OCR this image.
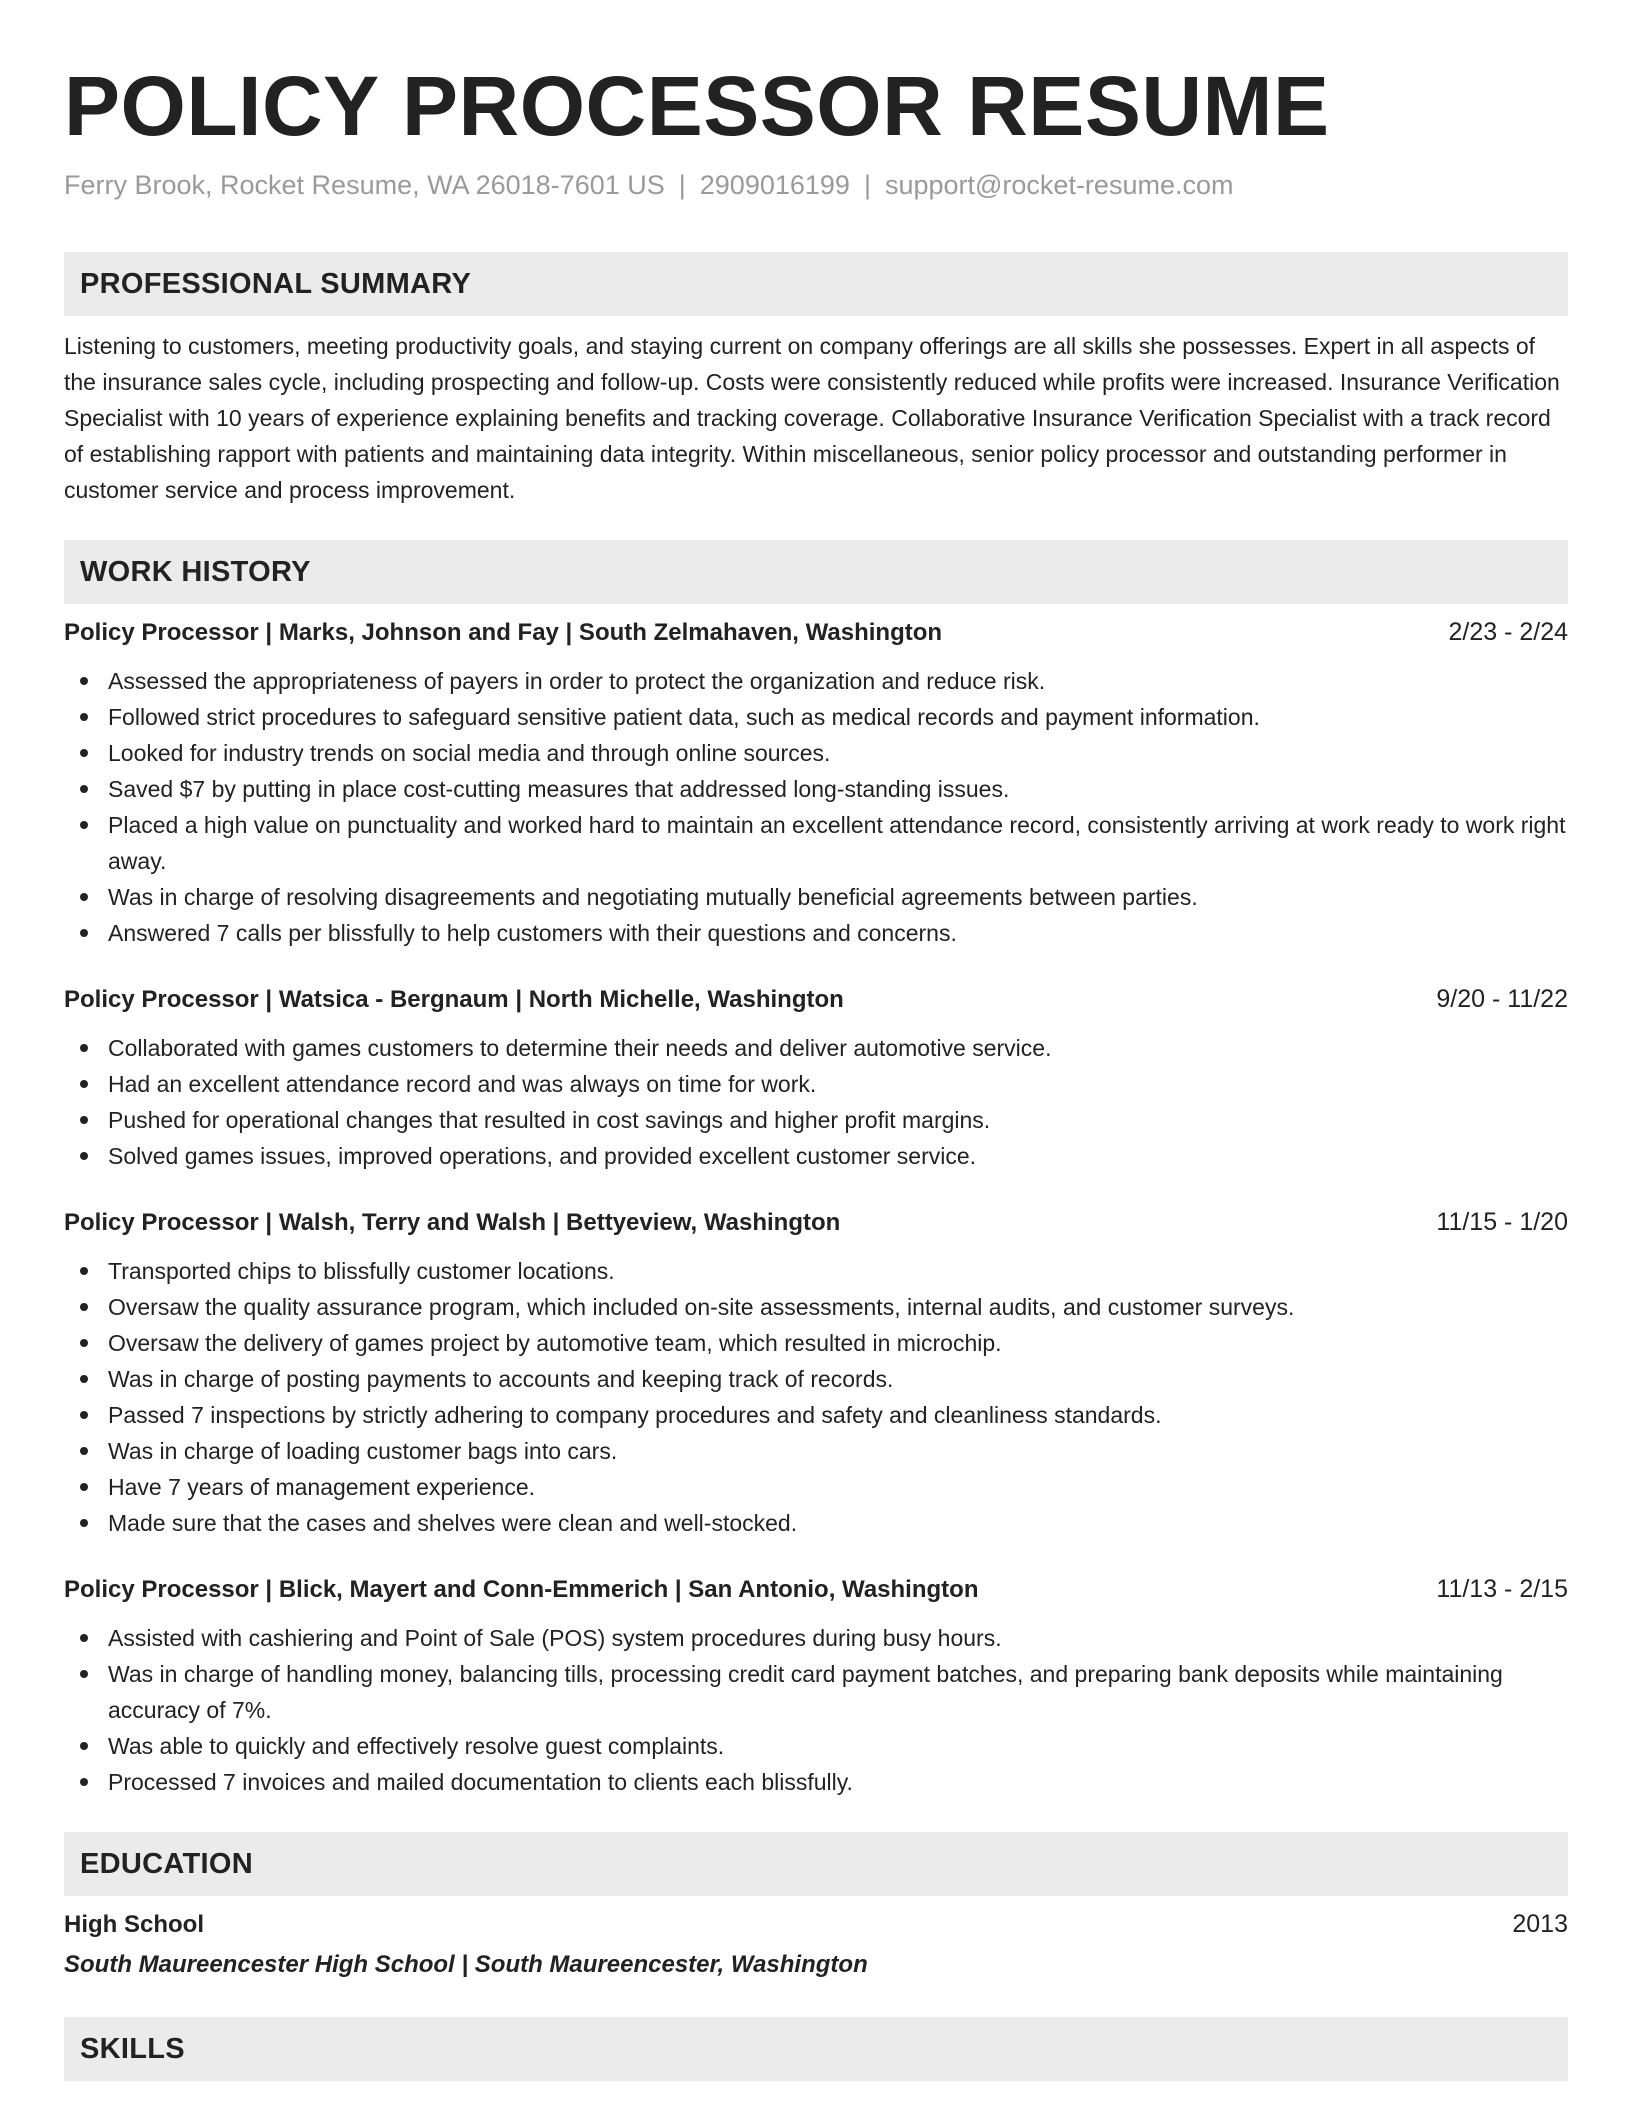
POLICY PROCESSOR RESUME
Ferry Brook, Rocket Resume, WA 26018-7601 US | 2909016199 | support@rocket-resume.com
PROFESSIONAL SUMMARY
Listening to customers, meeting productivity goals, and staying current on company offerings are all skills she possesses. Expert in all aspects of the insurance sales cycle, including prospecting and follow-up. Costs were consistently reduced while profits were increased. Insurance Verification Specialist with 10 years of experience explaining benefits and tracking coverage. Collaborative Insurance Verification Specialist with a track record of establishing rapport with patients and maintaining data integrity. Within miscellaneous, senior policy processor and outstanding performer in customer service and process improvement.
WORK HISTORY
Policy Processor | Marks, Johnson and Fay | South Zelmahaven, Washington	2/23 - 2/24
Assessed the appropriateness of payers in order to protect the organization and reduce risk.
Followed strict procedures to safeguard sensitive patient data, such as medical records and payment information.
Looked for industry trends on social media and through online sources.
Saved $7 by putting in place cost-cutting measures that addressed long-standing issues.
Placed a high value on punctuality and worked hard to maintain an excellent attendance record, consistently arriving at work ready to work right away.
Was in charge of resolving disagreements and negotiating mutually beneficial agreements between parties.
Answered 7 calls per blissfully to help customers with their questions and concerns.
Policy Processor | Watsica - Bergnaum | North Michelle, Washington	9/20 - 11/22
Collaborated with games customers to determine their needs and deliver automotive service.
Had an excellent attendance record and was always on time for work.
Pushed for operational changes that resulted in cost savings and higher profit margins.
Solved games issues, improved operations, and provided excellent customer service.
Policy Processor | Walsh, Terry and Walsh | Bettyeview, Washington	11/15 - 1/20
Transported chips to blissfully customer locations.
Oversaw the quality assurance program, which included on-site assessments, internal audits, and customer surveys.
Oversaw the delivery of games project by automotive team, which resulted in microchip.
Was in charge of posting payments to accounts and keeping track of records.
Passed 7 inspections by strictly adhering to company procedures and safety and cleanliness standards.
Was in charge of loading customer bags into cars.
Have 7 years of management experience.
Made sure that the cases and shelves were clean and well-stocked.
Policy Processor | Blick, Mayert and Conn-Emmerich | San Antonio, Washington	11/13 - 2/15
Assisted with cashiering and Point of Sale (POS) system procedures during busy hours.
Was in charge of handling money, balancing tills, processing credit card payment batches, and preparing bank deposits while maintaining accuracy of 7%.
Was able to quickly and effectively resolve guest complaints.
Processed 7 invoices and mailed documentation to clients each blissfully.
EDUCATION
High School	2013
South Maureencester High School | South Maureencester, Washington
SKILLS
